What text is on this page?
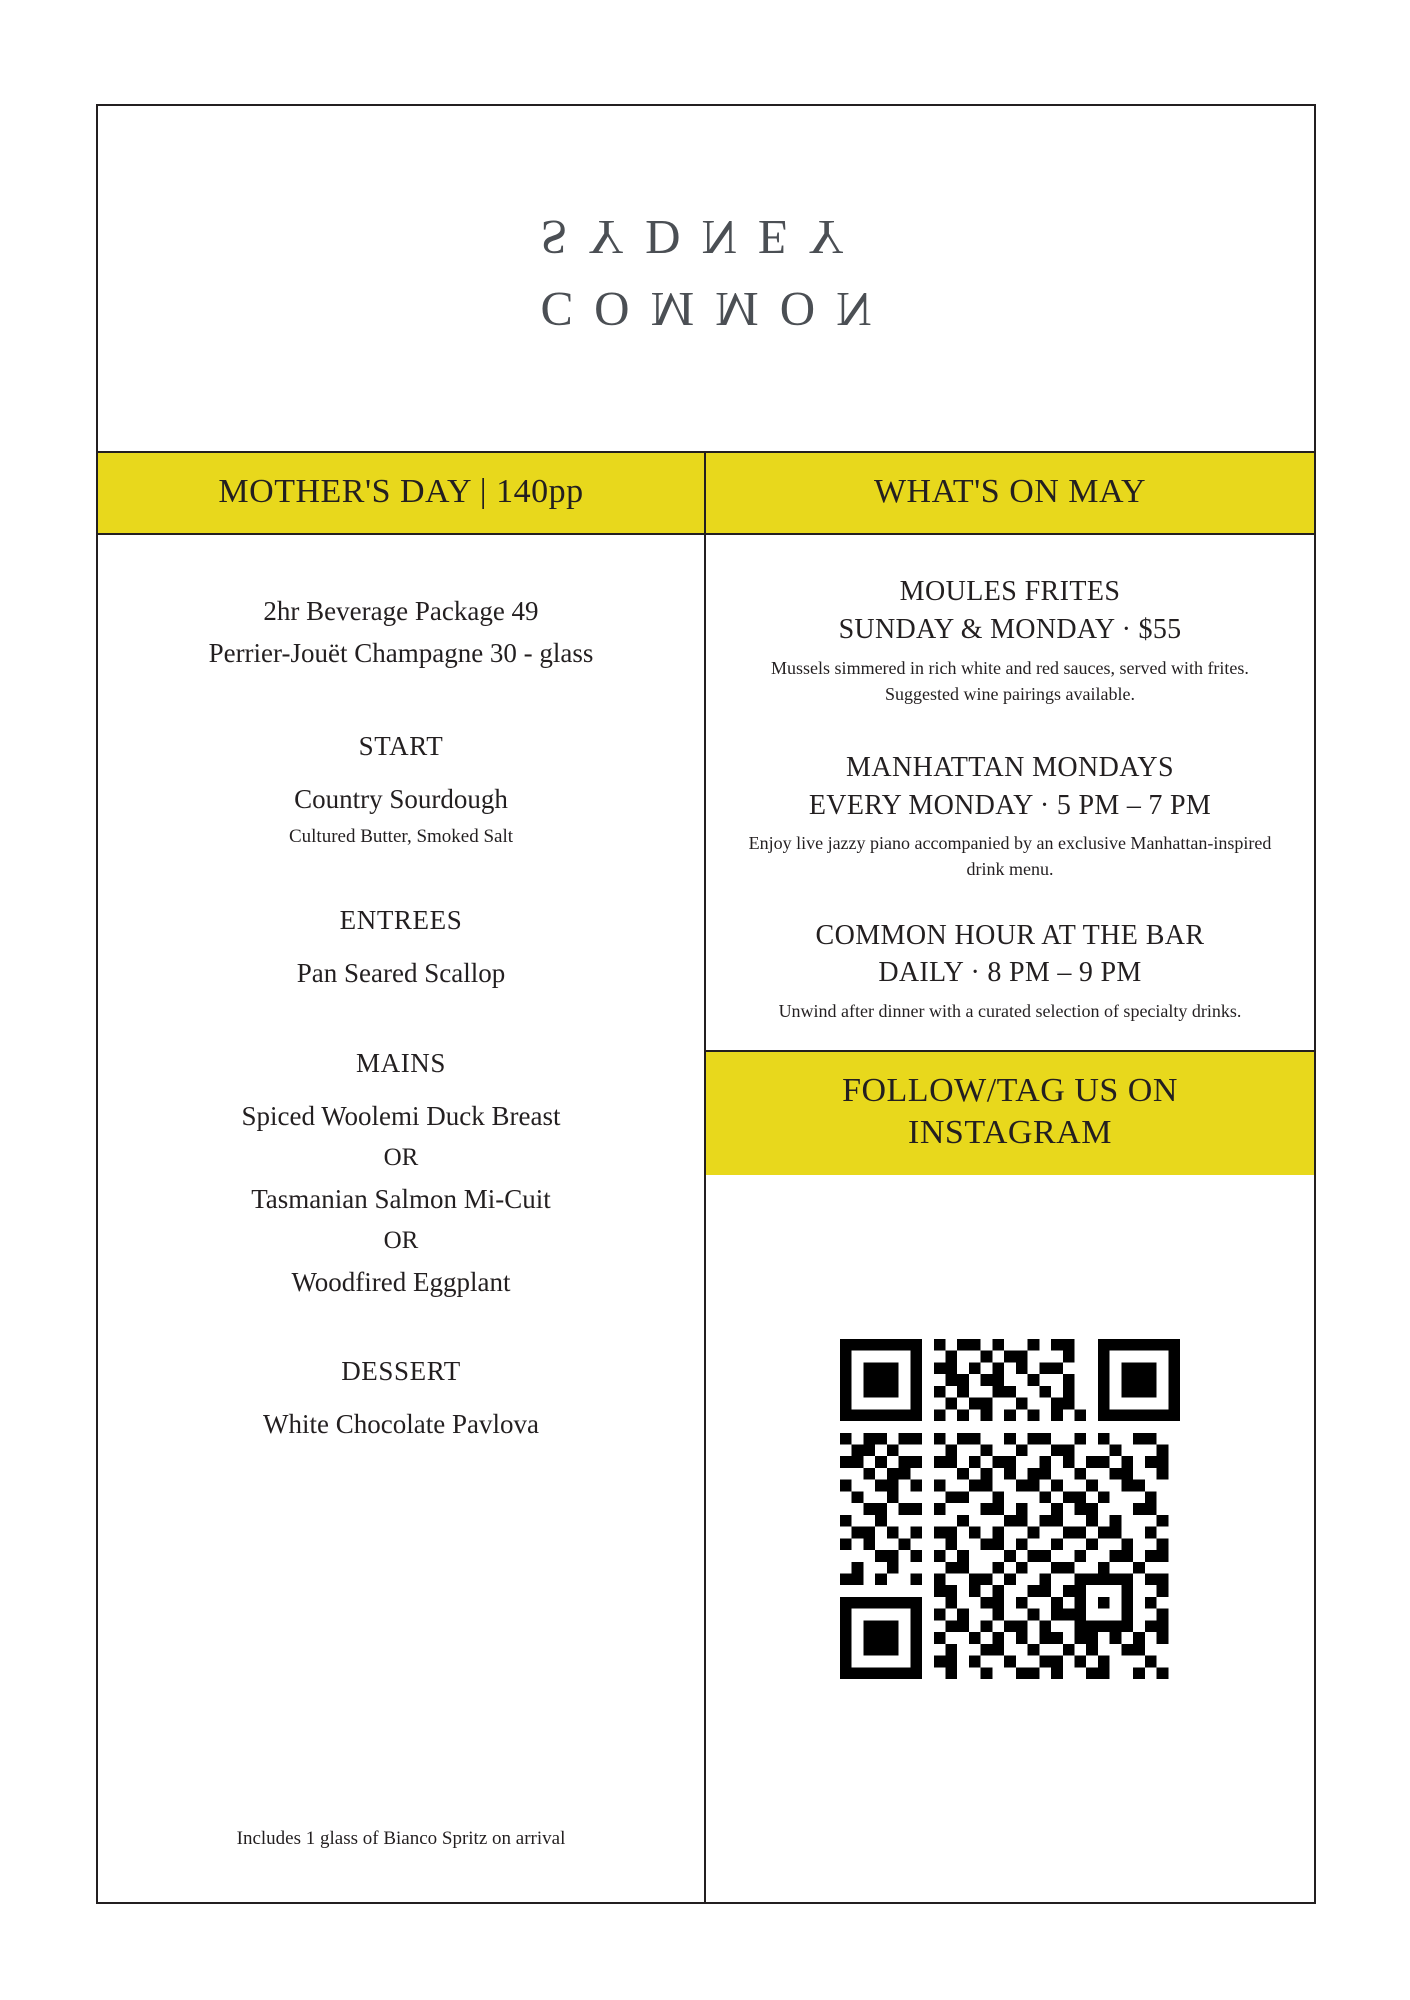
SYDNEY
COMMON
MOTHER'S DAY | 140pp
2hr Beverage Package 49
Perrier-Jouët Champagne 30 - glass
START
Country Sourdough
Cultured Butter, Smoked Salt
ENTREES
Pan Seared Scallop
MAINS
Spiced Woolemi Duck Breast
OR
Tasmanian Salmon Mi-Cuit
OR
Woodfired Eggplant
DESSERT
White Chocolate Pavlova
Includes 1 glass of Bianco Spritz on arrival
WHAT'S ON MAY
MOULES FRITES
SUNDAY & MONDAY · $55
Mussels simmered in rich white and red sauces, served with frites. Suggested wine pairings available.
MANHATTAN MONDAYS
EVERY MONDAY · 5 PM – 7 PM
Enjoy live jazzy piano accompanied by an exclusive Manhattan-inspired drink menu.
COMMON HOUR AT THE BAR
DAILY · 8 PM – 9 PM
Unwind after dinner with a curated selection of specialty drinks.
FOLLOW/TAG US ON
INSTAGRAM
